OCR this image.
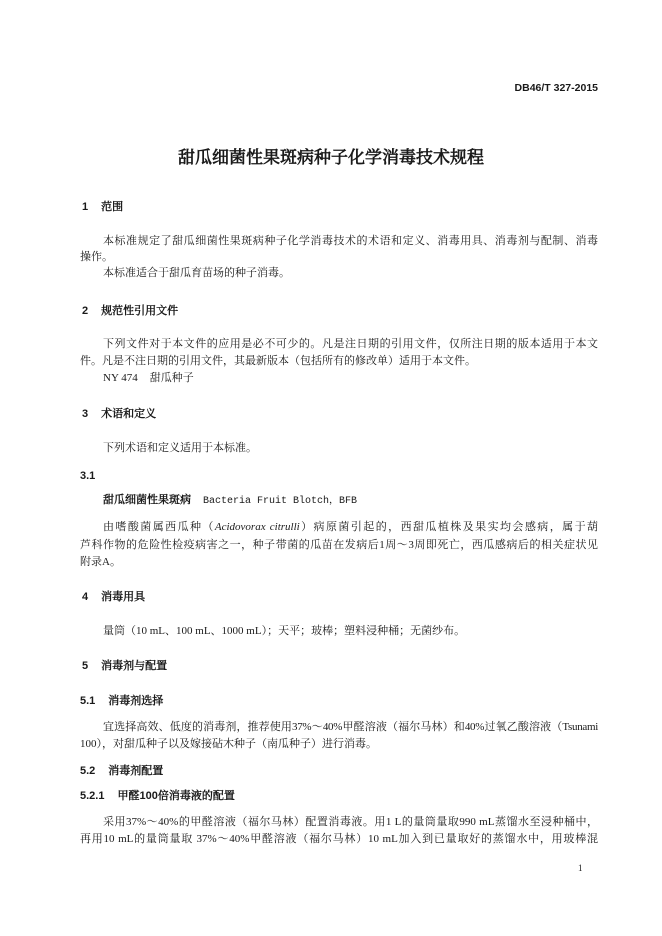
DB46/T 327-2015
甜瓜细菌性果斑病种子化学消毒技术规程
1 范围
本标准规定了甜瓜细菌性果斑病种子化学消毒技术的术语和定义、消毒用具、消毒剂与配制、消毒
操作。
本标准适合于甜瓜育苗场的种子消毒。
2 规范性引用文件
下列文件对于本文件的应用是必不可少的。凡是注日期的引用文件，仅所注日期的版本适用于本文
件。凡是不注日期的引用文件，其最新版本（包括所有的修改单）适用于本文件。
NY 474 甜瓜种子
3 术语和定义
下列术语和定义适用于本标准。
3.1
甜瓜细菌性果斑病 Bacteria Fruit Blotch，BFB
由嗜酸菌属西瓜种（Acidovorax citrulli）病原菌引起的，西甜瓜植株及果实均会感病，属于葫
芦科作物的危险性检疫病害之一，种子带菌的瓜苗在发病后1周～3周即死亡，西瓜感病后的相关症状见
附录A。
4 消毒用具
量筒（10 mL、100 mL、1000 mL）；天平；玻棒；塑料浸种桶；无菌纱布。
5 消毒剂与配置
5.1 消毒剂选择
宜选择高效、低度的消毒剂，推荐使用37%～40%甲醛溶液（福尔马林）和40%过氧乙酸溶液（Tsunami
100），对甜瓜种子以及嫁接砧木种子（南瓜种子）进行消毒。
5.2 消毒剂配置
5.2.1 甲醛100倍消毒液的配置
采用37%～40%的甲醛溶液（福尔马林）配置消毒液。用1 L的量筒量取990 mL蒸馏水至浸种桶中，
再用10 mL的量筒量取 37%～40%甲醛溶液（福尔马林）10 mL加入到已量取好的蒸馏水中，用玻棒混
1
